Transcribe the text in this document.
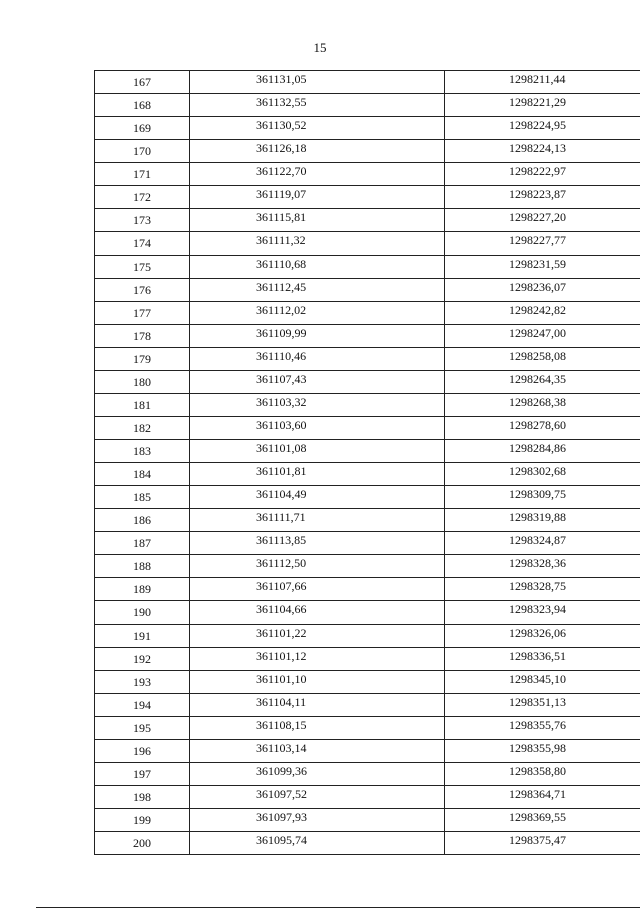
15
167	361131,05	1298211,44
168	361132,55	1298221,29
169	361130,52	1298224,95
170	361126,18	1298224,13
171	361122,70	1298222,97
172	361119,07	1298223,87
173	361115,81	1298227,20
174	361111,32	1298227,77
175	361110,68	1298231,59
176	361112,45	1298236,07
177	361112,02	1298242,82
178	361109,99	1298247,00
179	361110,46	1298258,08
180	361107,43	1298264,35
181	361103,32	1298268,38
182	361103,60	1298278,60
183	361101,08	1298284,86
184	361101,81	1298302,68
185	361104,49	1298309,75
186	361111,71	1298319,88
187	361113,85	1298324,87
188	361112,50	1298328,36
189	361107,66	1298328,75
190	361104,66	1298323,94
191	361101,22	1298326,06
192	361101,12	1298336,51
193	361101,10	1298345,10
194	361104,11	1298351,13
195	361108,15	1298355,76
196	361103,14	1298355,98
197	361099,36	1298358,80
198	361097,52	1298364,71
199	361097,93	1298369,55
200	361095,74	1298375,47
